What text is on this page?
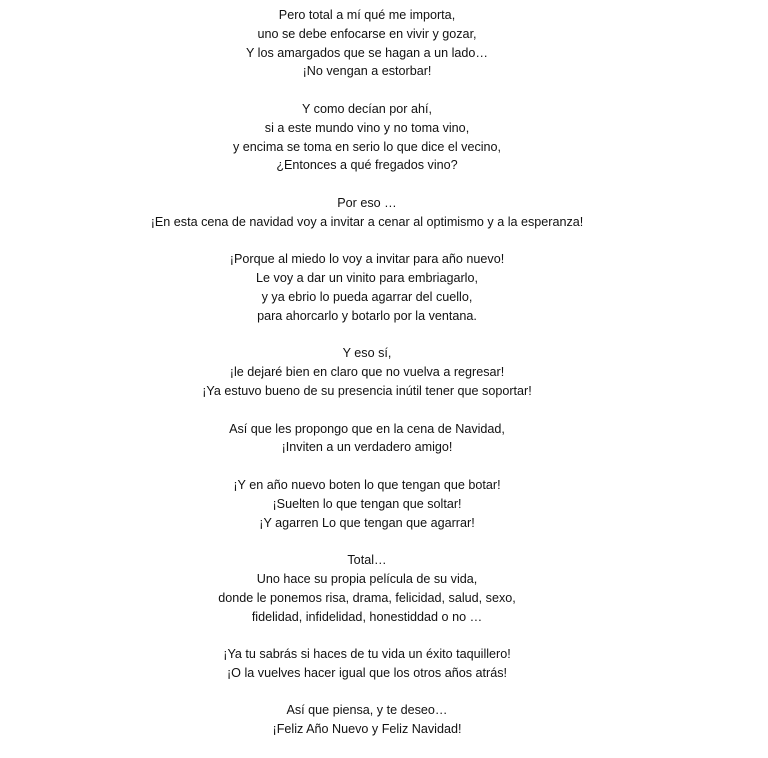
Pero total a mí qué me importa,
uno se debe enfocarse en vivir y gozar,
Y los amargados que se hagan a un lado…
¡No vengan a estorbar!
Y como decían por ahí,
si a este mundo vino y no toma vino,
y encima se toma en serio lo que dice el vecino,
¿Entonces a qué fregados vino?
Por eso …
¡En esta cena de navidad voy a invitar a cenar al optimismo y a la esperanza!
¡Porque al miedo lo voy a invitar para año nuevo!
Le voy a dar un vinito para embriagarlo,
y ya ebrio lo pueda agarrar del cuello,
para ahorcarlo y botarlo por la ventana.
Y eso sí,
¡le dejaré bien en claro que no vuelva a regresar!
¡Ya estuvo bueno de su presencia inútil tener que soportar!
Así que les propongo que en la cena de Navidad,
¡Inviten a un verdadero amigo!
¡Y en año nuevo boten lo que tengan que botar!
¡Suelten lo que tengan que soltar!
¡Y agarren Lo que tengan que agarrar!
Total…
Uno hace su propia película de su vida,
donde le ponemos risa, drama, felicidad, salud, sexo,
fidelidad, infidelidad, honestiddad o no …
¡Ya tu sabrás si haces de tu vida un éxito taquillero!
¡O la vuelves hacer igual que los otros años atrás!
Así que piensa, y te deseo…
¡Feliz Año Nuevo y Feliz Navidad!
